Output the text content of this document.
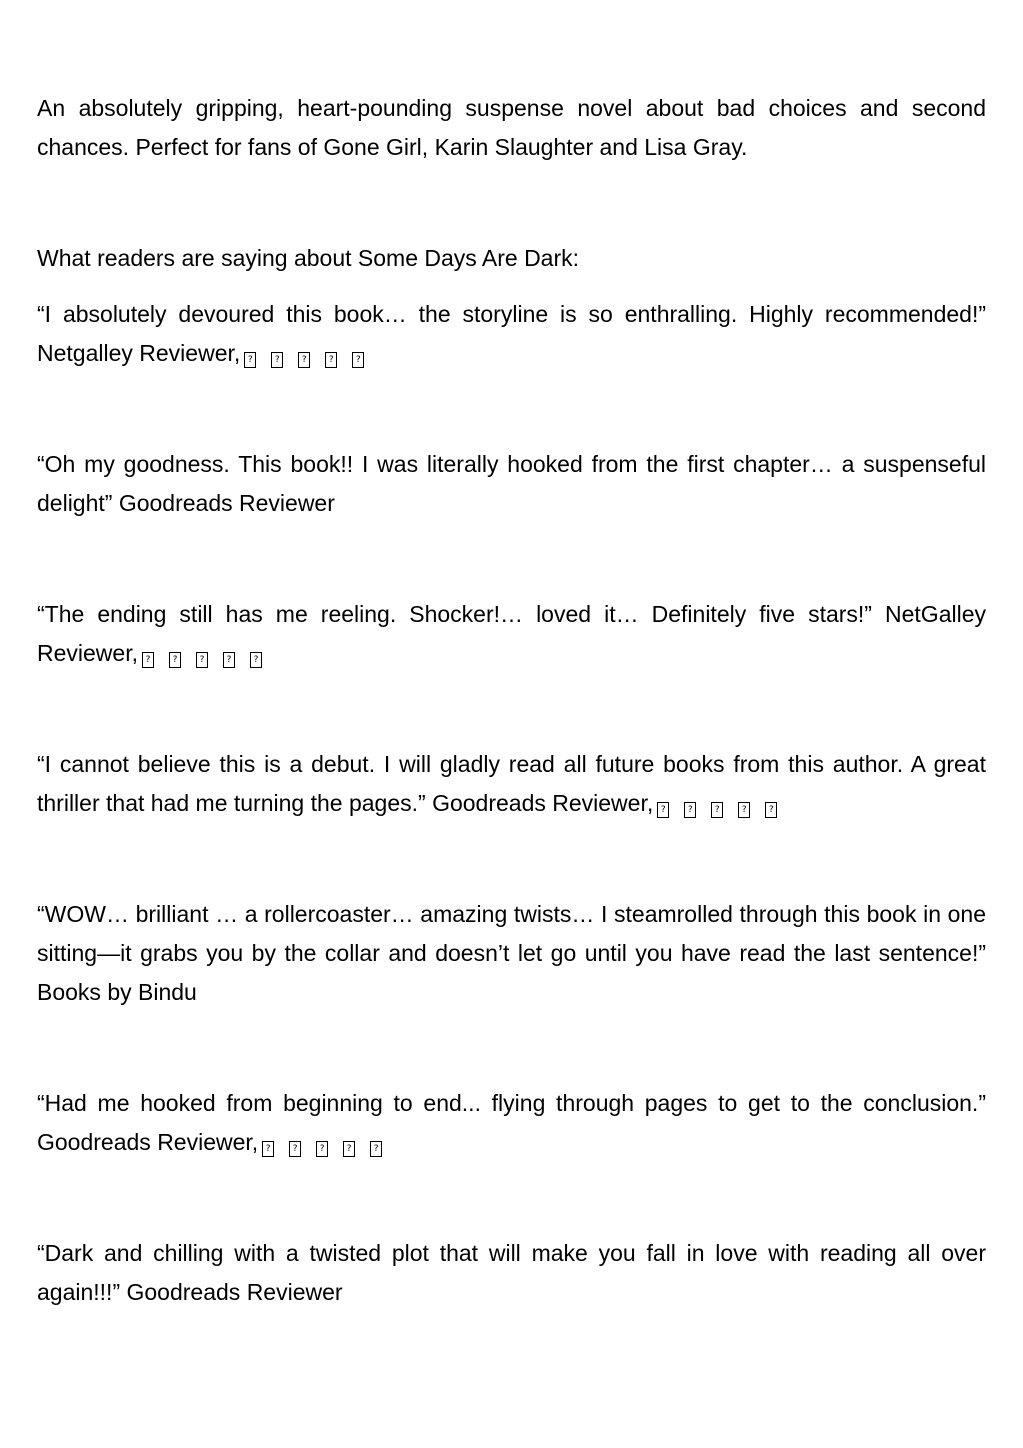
An absolutely gripping, heart-pounding suspense novel about bad choices and second chances. Perfect for fans of Gone Girl, Karin Slaughter and Lisa Gray.

What readers are saying about Some Days Are Dark:

“I absolutely devoured this book… the storyline is so enthralling. Highly recommended!” Netgalley Reviewer,?????

“Oh my goodness. This book!! I was literally hooked from the first chapter… a suspenseful delight” Goodreads Reviewer

“The ending still has me reeling. Shocker!… loved it… Definitely five stars!” NetGalley Reviewer,?????

“I cannot believe this is a debut. I will gladly read all future books from this author. A great thriller that had me turning the pages.” Goodreads Reviewer,?????

“WOW… brilliant … a rollercoaster… amazing twists… I steamrolled through this book in one sitting—it grabs you by the collar and doesn’t let go until you have read the last sentence!” Books by Bindu

“Had me hooked from beginning to end... flying through pages to get to the conclusion.” Goodreads Reviewer,?????

“Dark and chilling with a twisted plot that will make you fall in love with reading all over again!!!” Goodreads Reviewer
